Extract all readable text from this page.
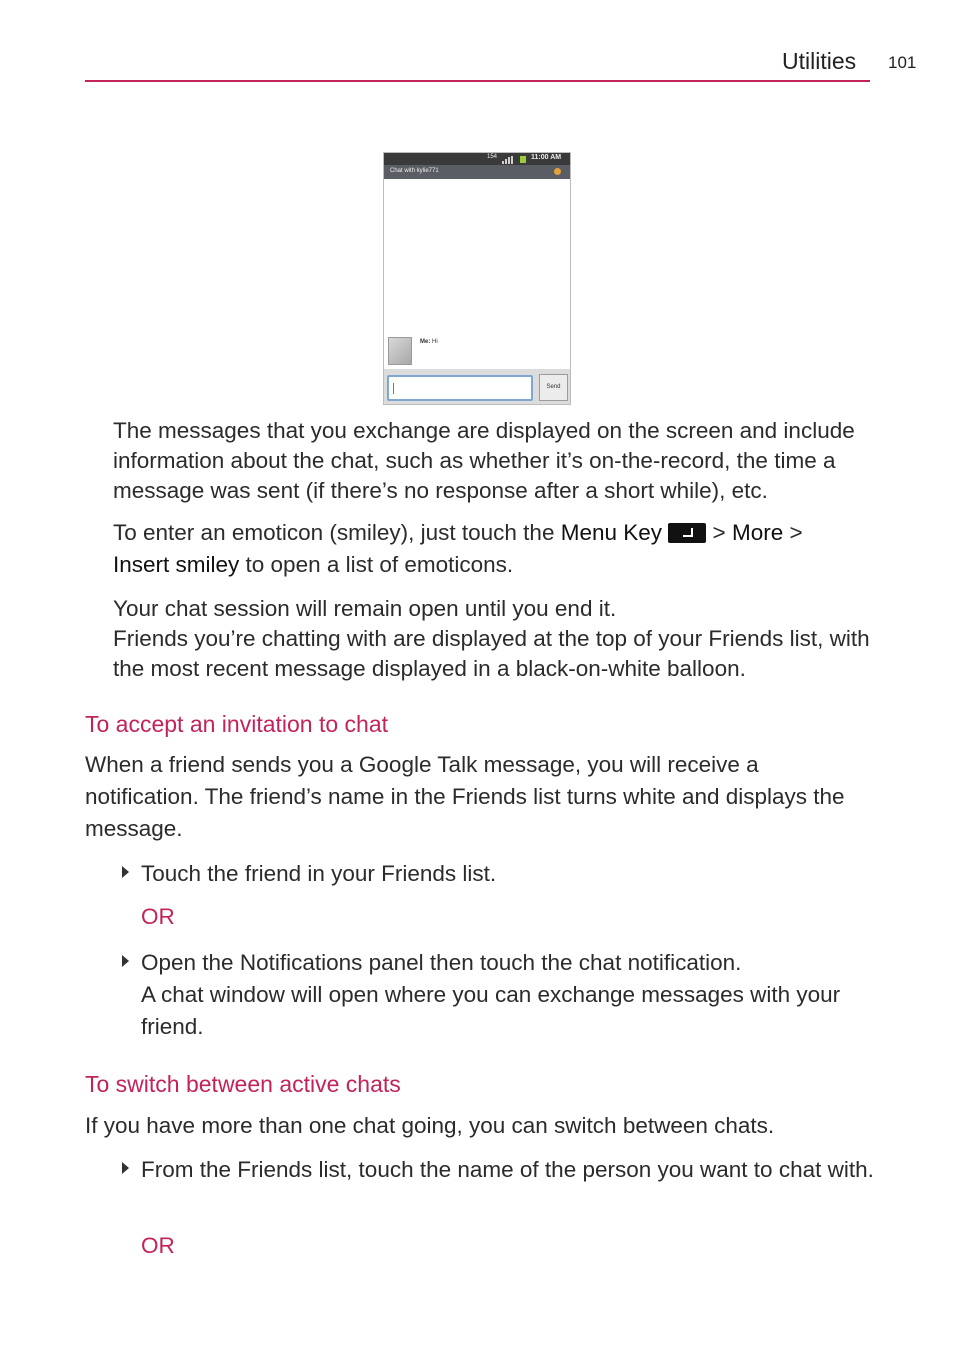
Utilities 101
154	11:00 AM
Chat with kylie771
Me: Hi
Send

The messages that you exchange are displayed on the screen and include information about the chat, such as whether it’s on-the-record, the time a message was sent (if there’s no response after a short while), etc.

To enter an emoticon (smiley), just touch the Menu Key  > More >
Insert smiley to open a list of emoticons.
Your chat session will remain open until you end it.
Friends you’re chatting with are displayed at the top of your Friends list, with the most recent message displayed in a black-on-white balloon.
To accept an invitation to chat
When a friend sends you a Google Talk message, you will receive a notification. The friend’s name in the Friends list turns white and displays the message.
Touch the friend in your Friends list.
OR
Open the Notifications panel then touch the chat notification.
A chat window will open where you can exchange messages with your friend.
To switch between active chats
If you have more than one chat going, you can switch between chats.
From the Friends list, touch the name of the person you want to chat with.
OR
